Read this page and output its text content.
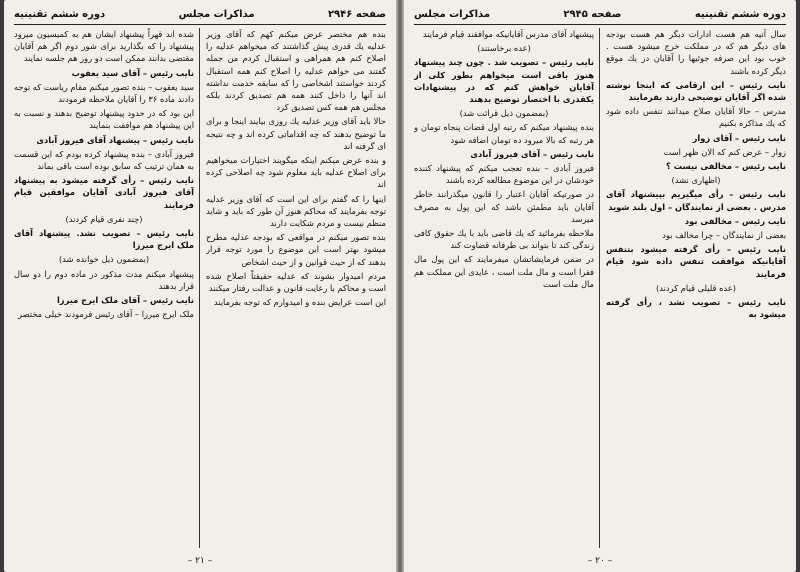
صفحه ۲۹۴۶
مذاكرات مجلس
دوره ششم تقنينيه

بنده هم مختصر عرض میکنم کهم که آقای وزیر عدلیه یك قدری پیش گذاشتند که میخواهم عدلیه را اصلاح کنم هم همراهی و استقبال کردم من جمله گفتند می خواهم عدلیه را اصلاح کنم همه استقبال کردند خواستند اشخاصی را که سابقه خدمت نداشته اند آنها را داخل کنند همه هم تصدیق کردند بلکه مجلس هم همه کس تصدیق کرد

حالا باید آقای وزیر عدلیه یك روزی بیایند اینجا و برای ما توضیح بدهند که چه اقداماتی کرده اند و چه نتیجه ای گرفته اند

و بنده عرض میکنم اینکه میگویند اختیارات میخواهیم برای اصلاح عدلیه باید معلوم شود چه اصلاحی کرده اند

اینها را که گفتم برای این است که آقای وزیر عدلیه توجه بفرمایند که محاکم هنوز آن طور که باید و شاید منظم نیست و مردم شکایت دارند

بنده تصور میکنم در مواقعی که بودجه عدلیه مطرح میشود بهتر است این موضوع را مورد توجه قرار بدهند که از حیث قوانین و از حیث اشخاص

مردم امیدوار بشوند که عدلیه حقیقتاً اصلاح شده است و محاکم با رعایت قانون و عدالت رفتار میکنند

این است عرایض بنده و امیدوارم که توجه بفرمایند

شده اند قهراً پیشنهاد ایشان هم به کمیسیون میرود پیشنهاد را که بگذارید برای شور دوم اگر هم آقایان مقتضی بدانند ممکن است دو روز هم جلسه نمایند

نایب رئیس – آقای سید یعقوب

سید یعقوب – بنده تصور میکنم مقام ریاست که توجه دادند ماده ۳۶ را آقایان ملاحظه فرمودند

این بود که در حدود پیشنهاد توضیح بدهند و نسبت به این پیشنهاد هم موافقت بنمایند

نایب رئیس – پیشنهاد آقای فیروز آبادی

فیروز آبادی – بنده پیشنهاد کرده بودم که این قسمت به همان ترتیب که سابق بوده است باقی بماند

نایب رئیس – رأی گرفته میشود به پیشنهاد آقای فیروز آبادی آقایان موافقین قیام فرمایند

(چند نفری قیام کردند)

نایب رئیس – تصویب نشد. پیشنهاد آقای ملک ایرج میرزا

(بمضمون ذیل خوانده شد)

پیشنهاد میکنم مدت مذکور در ماده دوم را دو سال قرار بدهند

نایب رئیس – آقای ملک ایرج میرزا

ملک ایرج میرزا – آقای رئیس فرمودند خیلی مختصر

– ۲۱ –
دوره ششم تقنینیه
صفحه ۲۹۴۵
مذاکرات مجلس

سال آتیه هم هست ادارات دیگر هم هست بودجه های دیگر هم که در مملکت خرج میشود هست . خوب بود این صرفه جوئیها را آقایان در یك موقع دیگر کرده باشند

نایب رئیس – این ارقامی که اینجا نوشته شده اگر آقایان توضیحی دارند بفرمایند

مدرس – حالا آقایان صلاح میدانند تنفس داده شود که یك مذاکره بکنیم

نایب رئیس – آقای زوار

زوار – عرض کنم که الان ظهر است

نایب رئیس – مخالفی نیست ؟

(اظهاری نشد)

نایب رئیس – رأی میگیریم بپیشنهاد آقای مدرس . بعضی از نمایندگان – اول بلند شوید

نایب رئیس – مخالفی بود

بعضی از نمایندگان – چرا مخالف بود

نایب رئیس – رأی گرفته میشود بتنفس آقایانیکه موافقت تنفس داده شود قیام فرمایند

(عده قلیلی قیام کردند)

نایب رئیس – تصویب نشد ، رأی گرفته میشود به

پیشنهاد آقای مدرس آقایانیکه موافقند قیام فرمایند

(عده برخاستند)

نایب رئیس – تصویب شد . چون چند پیشنهاد هنوز باقی است میخواهم بطور کلی از آقایان خواهش کنم که در پیشنهادات یکقدری با اختصار توضیح بدهند

(بمضمون ذیل قرائت شد)

بنده پیشنهاد میکنم که رتبه اول قضات پنجاه تومان و هر رتبه که بالا میرود ده تومان اضافه شود

نایب رئیس – آقای فیروز آبادی

فیروز آبادی – بنده تعجب میکنم که پیشنهاد کننده خودشان در این موضوع مطالعه کرده باشند

در صورتیکه آقایان اعتبار را قانون میگذرانند خاطر آقایان باید مطمئن باشد که این پول به مصرف میرسد

ملاحظه بفرمائید که یك قاضی باید با یك حقوق کافی زندگی کند تا بتواند بی طرفانه قضاوت کند

در ضمن فرمایشاتشان میفرمایند که این پول مال فقرا است و مال ملت است ، عایدی این مملکت هم مال ملت است

– ۲۰ –
